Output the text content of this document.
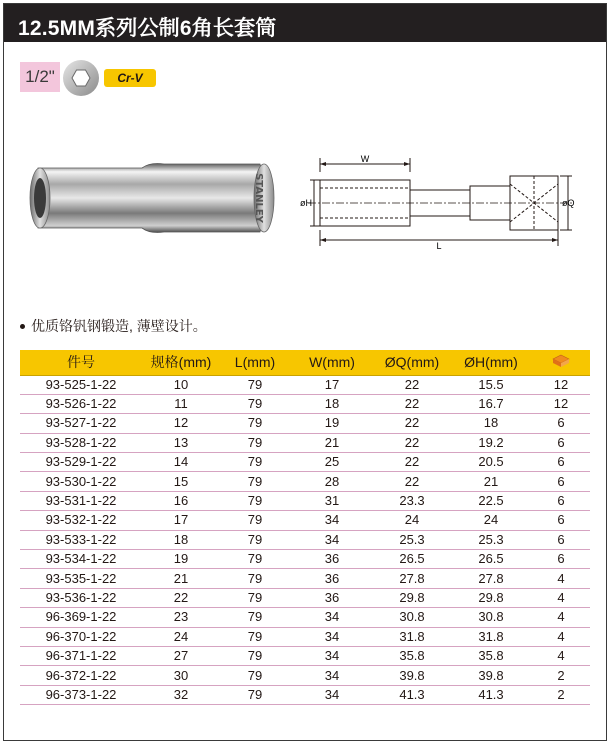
12.5MM系列公制6角长套筒
1/2"	Cr-V
STANLEY
W
L
øH	øQ
优质铬钒钢锻造, 薄壁设计。
件号	规格(mm)	L(mm)	W(mm)	ØQ(mm)	ØH(mm)	
93-525-1-22	10	79	17	22	15.5	12
93-526-1-22	11	79	18	22	16.7	12
93-527-1-22	12	79	19	22	18	6
93-528-1-22	13	79	21	22	19.2	6
93-529-1-22	14	79	25	22	20.5	6
93-530-1-22	15	79	28	22	21	6
93-531-1-22	16	79	31	23.3	22.5	6
93-532-1-22	17	79	34	24	24	6
93-533-1-22	18	79	34	25.3	25.3	6
93-534-1-22	19	79	36	26.5	26.5	6
93-535-1-22	21	79	36	27.8	27.8	4
93-536-1-22	22	79	36	29.8	29.8	4
96-369-1-22	23	79	34	30.8	30.8	4
96-370-1-22	24	79	34	31.8	31.8	4
96-371-1-22	27	79	34	35.8	35.8	4
96-372-1-22	30	79	34	39.8	39.8	2
96-373-1-22	32	79	34	41.3	41.3	2
